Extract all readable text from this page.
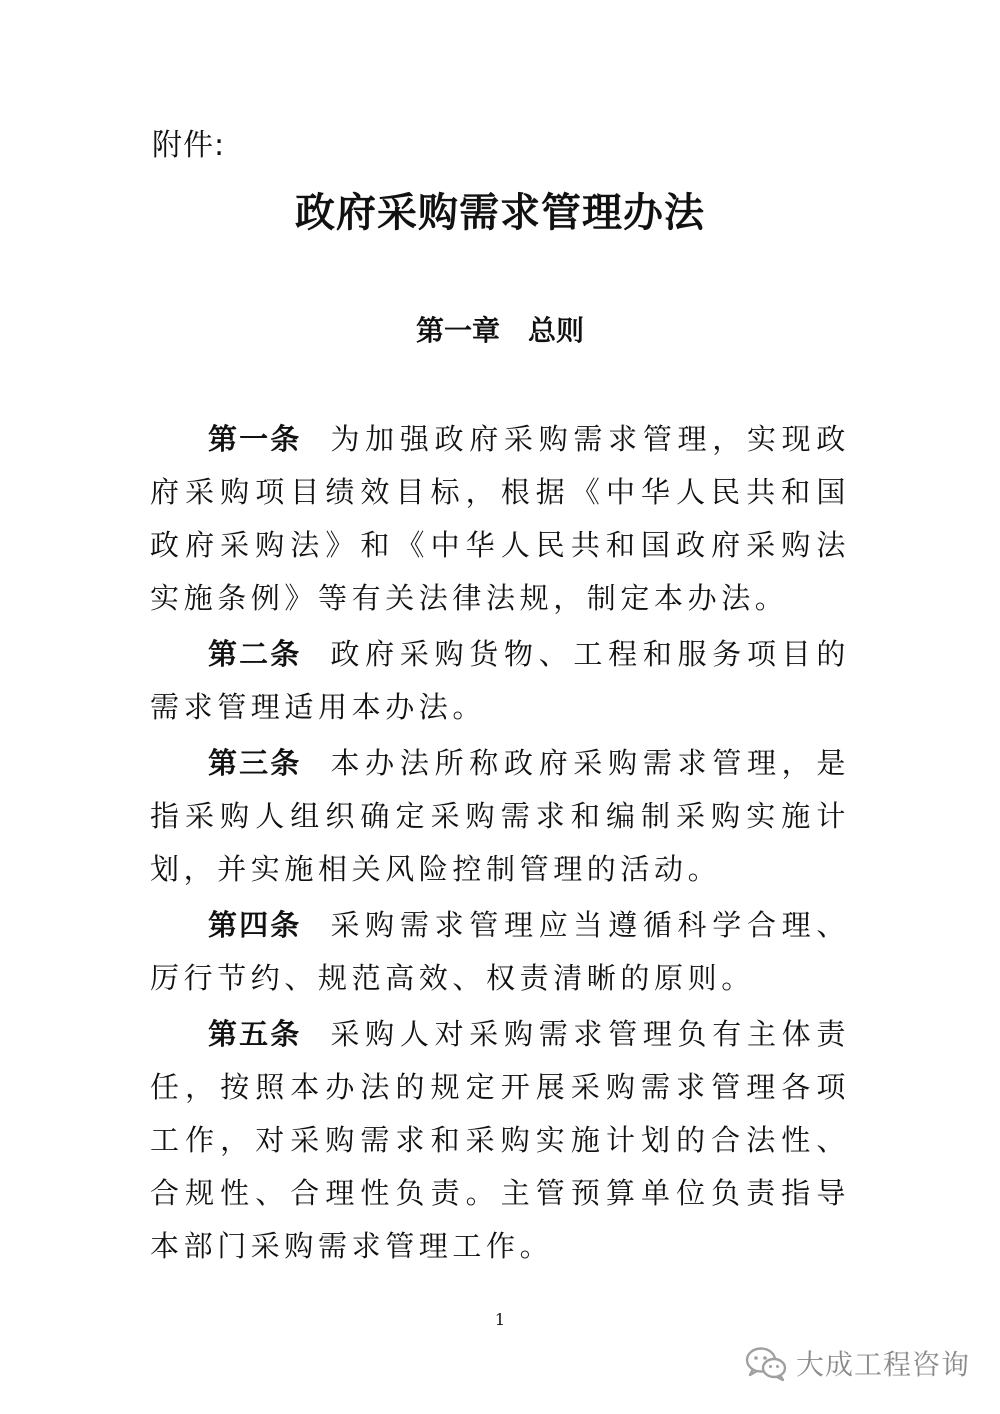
附件:
政府采购需求管理办法
第一章 总则

第一条 为加强政府采购需求管理，实现政府采购项目绩效目标，根据《中华人民共和国政府采购法》和《中华人民共和国政府采购法实施条例》等有关法律法规，制定本办法。

第二条 政府采购货物、工程和服务项目的需求管理适用本办法。

第三条 本办法所称政府采购需求管理，是指采购人组织确定采购需求和编制采购实施计划，并实施相关风险控制管理的活动。

第四条 采购需求管理应当遵循科学合理、厉行节约、规范高效、权责清晰的原则。

第五条 采购人对采购需求管理负有主体责任，按照本办法的规定开展采购需求管理各项工作，对采购需求和采购实施计划的合法性、合规性、合理性负责。主管预算单位负责指导本部门采购需求管理工作。

1
大成工程咨询
